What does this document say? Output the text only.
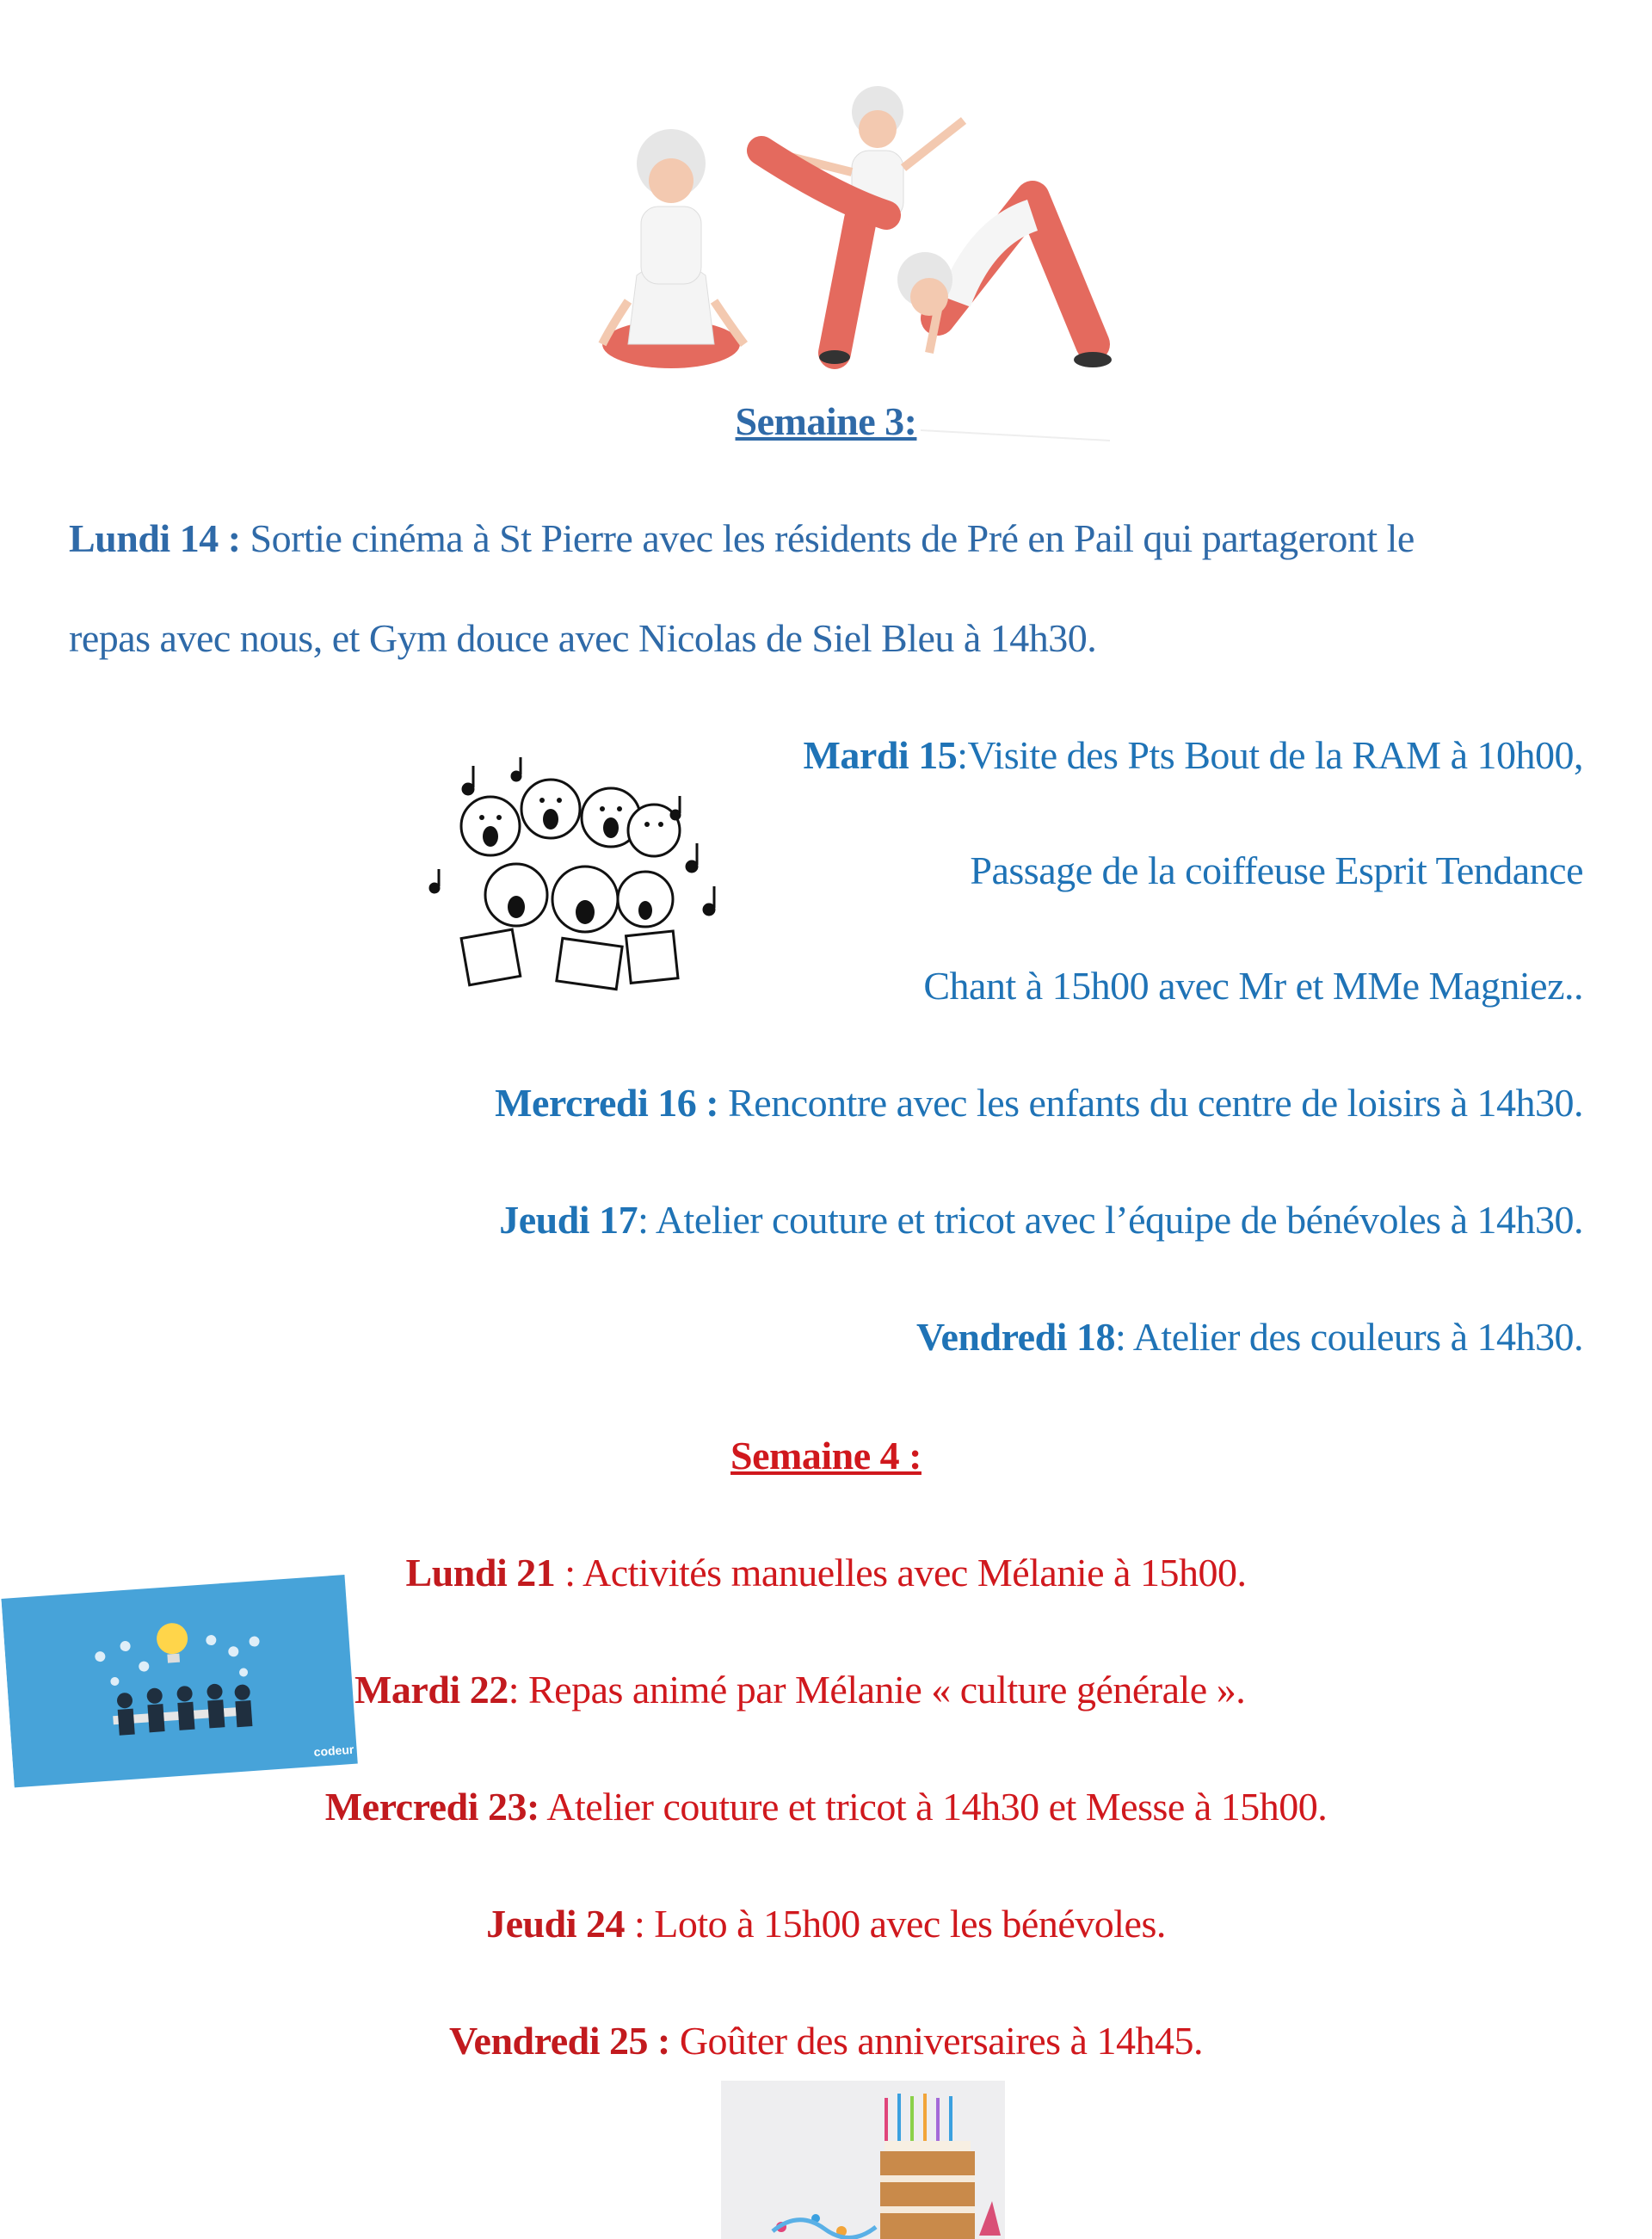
Semaine 3:
Lundi 14 : Sortie cinéma à St Pierre avec les résidents de Pré en Pail qui partageront le
repas avec nous, et Gym douce avec Nicolas de Siel Bleu à 14h30.
Mardi 15:Visite des Pts Bout de la RAM à 10h00,
Passage de la coiffeuse Esprit Tendance
Chant à 15h00 avec Mr et MMe Magniez..
Mercredi 16 : Rencontre avec les enfants du centre de loisirs à 14h30.
Jeudi 17: Atelier couture et tricot avec l’équipe de bénévoles à 14h30.
Vendredi 18: Atelier des couleurs à 14h30.
Semaine 4 :
Lundi 21 : Activités manuelles avec Mélanie à 15h00.
codeur
Mardi 22: Repas animé par Mélanie « culture générale ».
Mercredi 23: Atelier couture et tricot à 14h30 et Messe à 15h00.
Jeudi 24 : Loto à 15h00 avec les bénévoles.
Vendredi 25 : Goûter des anniversaires à 14h45.
